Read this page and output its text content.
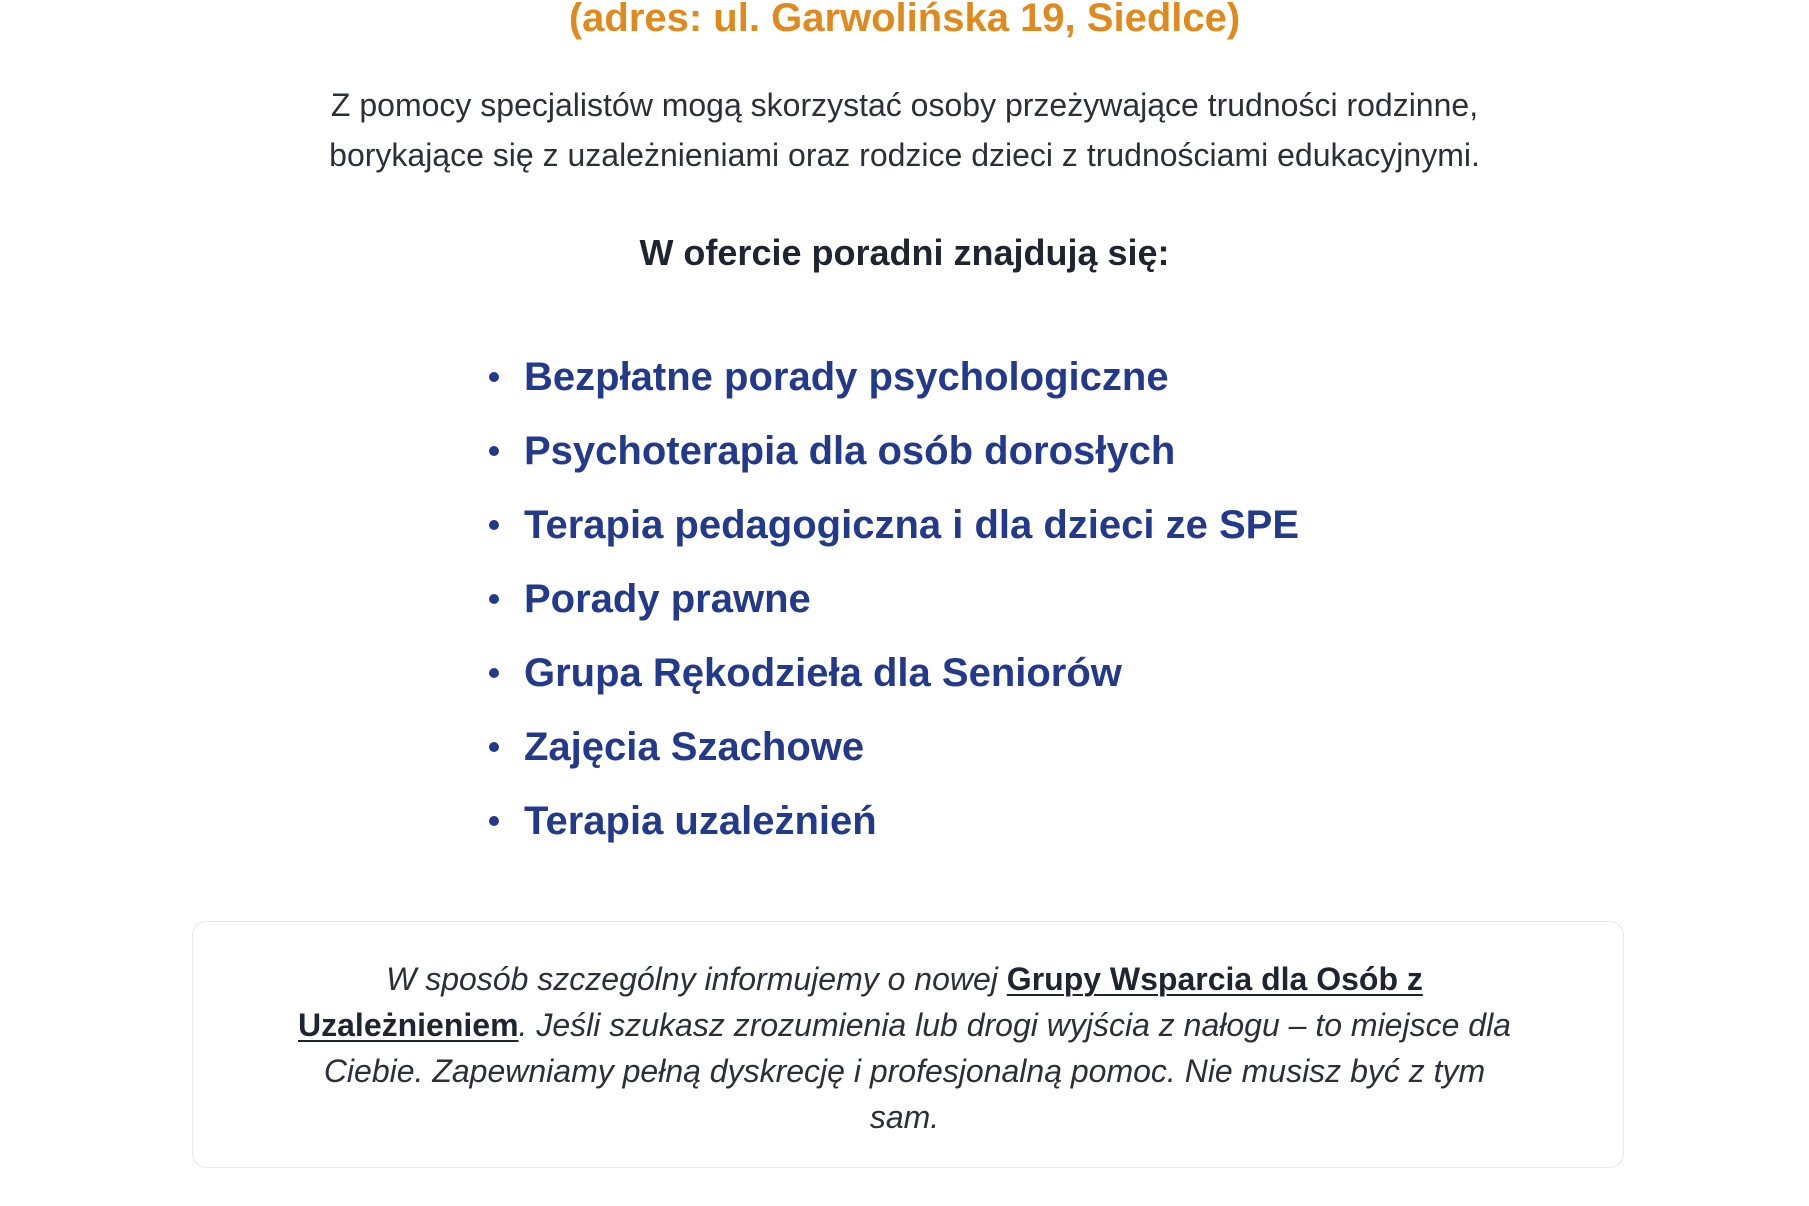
(adres: ul. Garwolińska 19, Siedlce)
Z pomocy specjalistów mogą skorzystać osoby przeżywające trudności rodzinne,
borykające się z uzależnieniami oraz rodzice dzieci z trudnościami edukacyjnymi.
W ofercie poradni znajdują się:
Bezpłatne porady psychologiczne
Psychoterapia dla osób dorosłych
Terapia pedagogiczna i dla dzieci ze SPE
Porady prawne
Grupa Rękodzieła dla Seniorów
Zajęcia Szachowe
Terapia uzależnień
W sposób szczególny informujemy o nowej Grupy Wsparcia dla Osób z
Uzależnieniem. Jeśli szukasz zrozumienia lub drogi wyjścia z nałogu – to miejsce dla
Ciebie. Zapewniamy pełną dyskrecję i profesjonalną pomoc. Nie musisz być z tym
sam.
